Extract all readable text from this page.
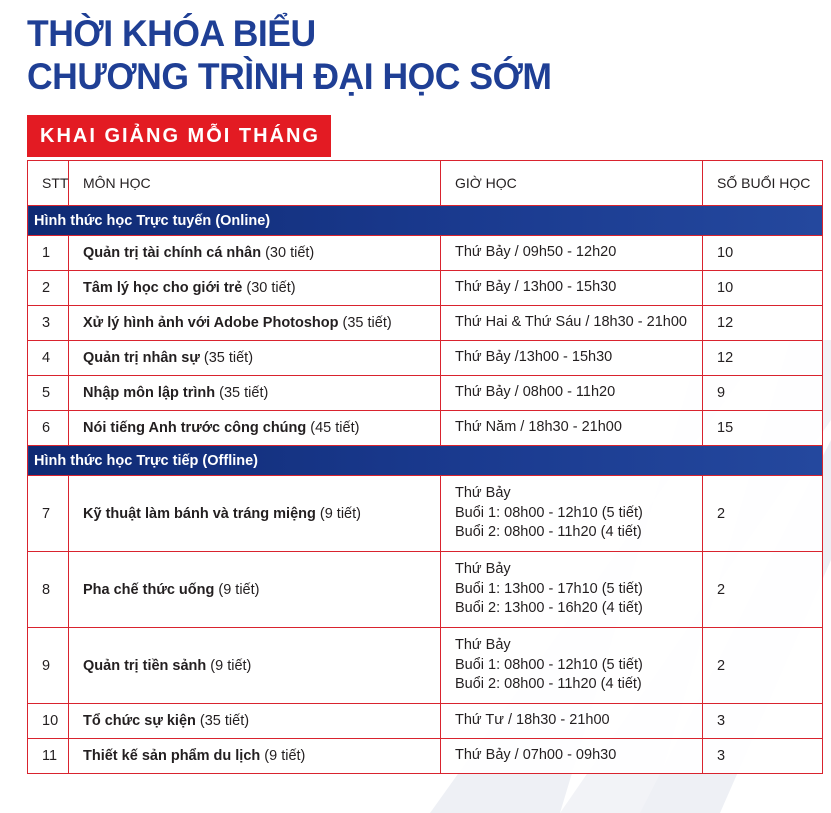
THỜI KHÓA BIỂU
CHƯƠNG TRÌNH ĐẠI HỌC SỚM
KHAI GIẢNG MỖI THÁNG
STT	MÔN HỌC	GIỜ HỌC	SỐ BUỔI HỌC
Hình thức học Trực tuyến (Online)			
1	Quản trị tài chính cá nhân (30 tiết)	Thứ Bảy / 09h50 - 12h20	10
2	Tâm lý học cho giới trẻ (30 tiết)	Thứ Bảy / 13h00 - 15h30	10
3	Xử lý hình ảnh với Adobe Photoshop (35 tiết)	Thứ Hai & Thứ Sáu / 18h30 - 21h00	12
4	Quản trị nhân sự (35 tiết)	Thứ Bảy /13h00 - 15h30	12
5	Nhập môn lập trình (35 tiết)	Thứ Bảy / 08h00 - 11h20	9
6	Nói tiếng Anh trước công chúng (45 tiết)	Thứ Năm / 18h30 - 21h00	15
Hình thức học Trực tiếp (Offline)			
7	Kỹ thuật làm bánh và tráng miệng (9 tiết)	Thứ Bảy
Buổi 1: 08h00 - 12h10 (5 tiết)
Buổi 2: 08h00 - 11h20 (4 tiết)	2
8	Pha chế thức uống (9 tiết)	Thứ Bảy
Buổi 1: 13h00 - 17h10 (5 tiết)
Buổi 2: 13h00 - 16h20 (4 tiết)	2
9	Quản trị tiền sảnh (9 tiết)	Thứ Bảy
Buổi 1: 08h00 - 12h10 (5 tiết)
Buổi 2: 08h00 - 11h20 (4 tiết)	2
10	Tổ chức sự kiện (35 tiết)	Thứ Tư / 18h30 - 21h00	3
11	Thiết kế sản phẩm du lịch (9 tiết)	Thứ Bảy / 07h00 - 09h30	3
